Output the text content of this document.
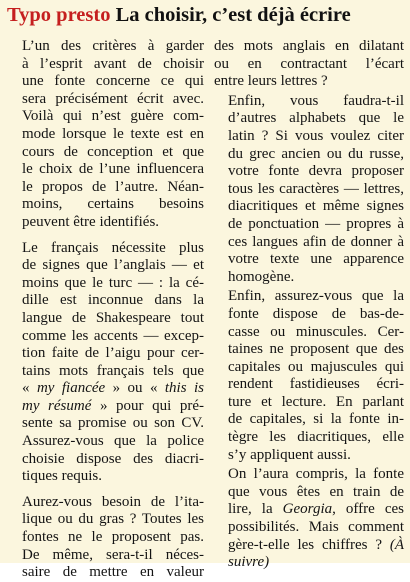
Typo presto La choisir, c’est déjà écrire

L’un des critères à garder
à l’esprit avant de choisir
une fonte concerne ce qui
sera précisément écrit avec.
Voilà qui n’est guère com-
mode lorsque le texte est en
cours de conception et que
le choix de l’une influencera
le propos de l’autre. Néan-
moins, certains besoins
peuvent être identifiés.

Le français nécessite plus
de signes que l’anglais — et
moins que le turc — : la cé-
dille est inconnue dans la
langue de Shakespeare tout
comme les accents — excep-
tion faite de l’aigu pour cer-
tains mots français tels que
« my fiancée » ou « this is
my résumé » pour qui pré-
sente sa promise ou son CV.
Assurez-vous que la police
choisie dispose des diacri-
tiques requis.

Aurez-vous besoin de l’ita-
lique ou du gras ? Toutes les
fontes ne le proposent pas.
De même, sera-t-il néces-
saire de mettre en valeur

des mots anglais en dilatant
ou en contractant l’écart
entre leurs lettres ?

Enfin, vous faudra-t-il
d’autres alphabets que le
latin ? Si vous voulez citer
du grec ancien ou du russe,
votre fonte devra proposer
tous les caractères — lettres,
diacritiques et même signes
de ponctuation — propres à
ces langues afin de donner à
votre texte une apparence
homogène.

Enfin, assurez-vous que la
fonte dispose de bas-de-
casse ou minuscules. Cer-
taines ne proposent que des
capitales ou majuscules qui
rendent fastidieuses écri-
ture et lecture. En parlant
de capitales, si la fonte in-
tègre les diacritiques, elle
s’y appliquent aussi.

On l’aura compris, la fonte
que vous êtes en train de
lire, la Georgia, offre ces
possibilités. Mais comment
gère-t-elle les chiffres ? (À
suivre)
